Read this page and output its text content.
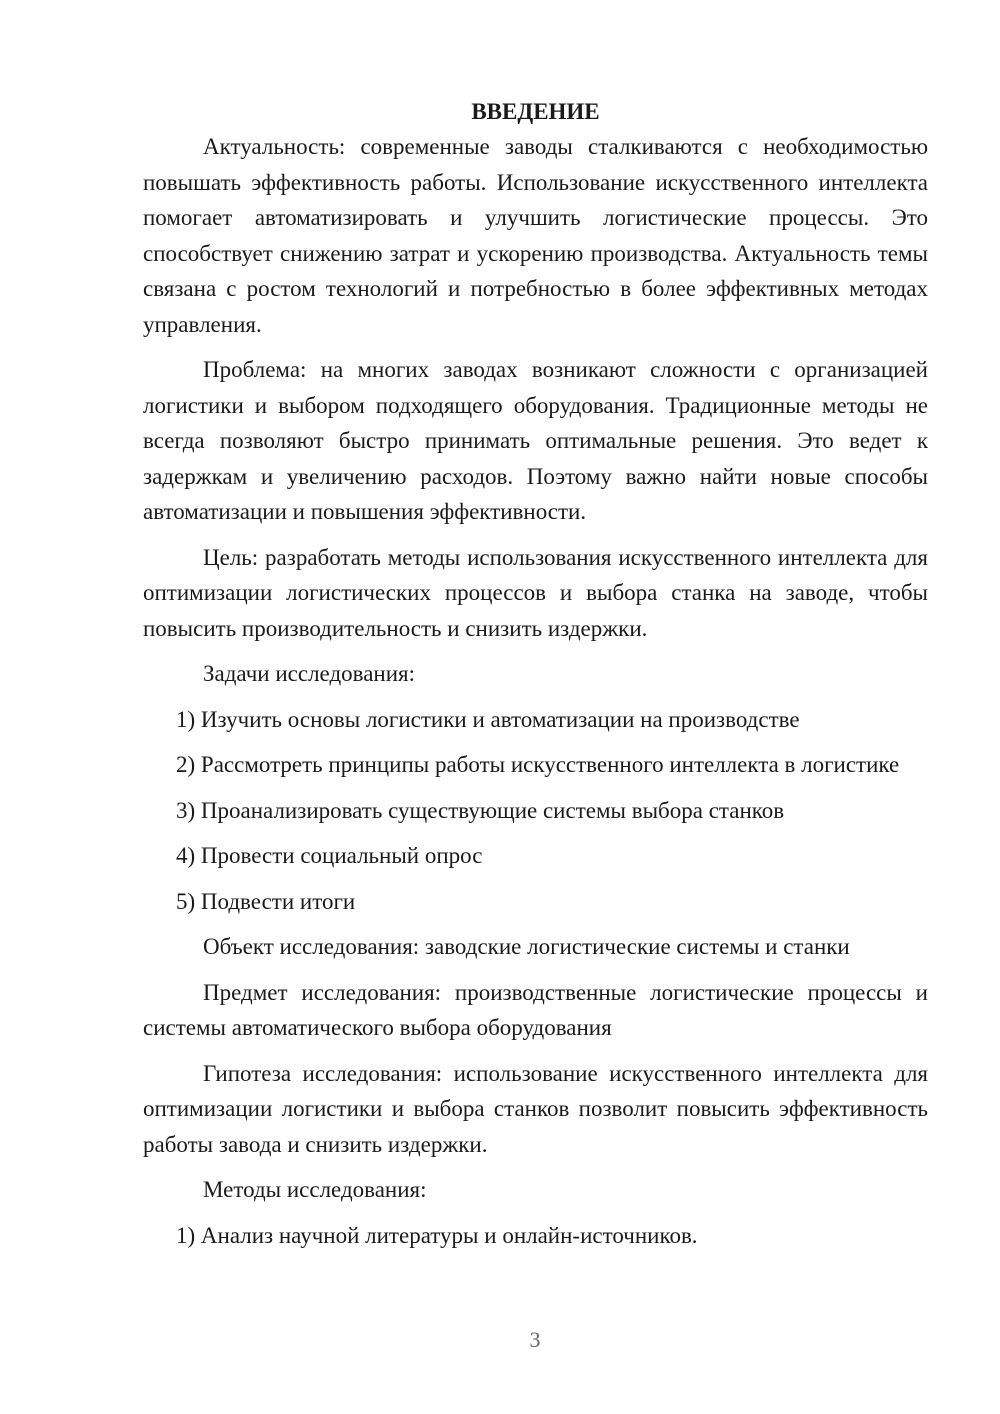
ВВЕДЕНИЕ

Актуальность: современные заводы сталкиваются с необходимостью повышать эффективность работы. Использование искусственного интеллекта помогает автоматизировать и улучшить логистические процессы. Это способствует снижению затрат и ускорению производства. Актуальность темы связана с ростом технологий и потребностью в более эффективных методах управления.

Проблема: на многих заводах возникают сложности с организацией логистики и выбором подходящего оборудования. Традиционные методы не всегда позволяют быстро принимать оптимальные решения. Это ведет к задержкам и увеличению расходов. Поэтому важно найти новые способы автоматизации и повышения эффективности.

Цель: разработать методы использования искусственного интеллекта для оптимизации логистических процессов и выбора станка на заводе, чтобы повысить производительность и снизить издержки.

Задачи исследования:

1) Изучить основы логистики и автоматизации на производстве

2) Рассмотреть принципы работы искусственного интеллекта в логистике

3) Проанализировать существующие системы выбора станков

4) Провести социальный опрос

5) Подвести итоги

Объект исследования: заводские логистические системы и станки

Предмет исследования: производственные логистические процессы и системы автоматического выбора оборудования

Гипотеза исследования: использование искусственного интеллекта для оптимизации логистики и выбора станков позволит повысить эффективность работы завода и снизить издержки.

Методы исследования:

1) Анализ научной литературы и онлайн-источников.

3
